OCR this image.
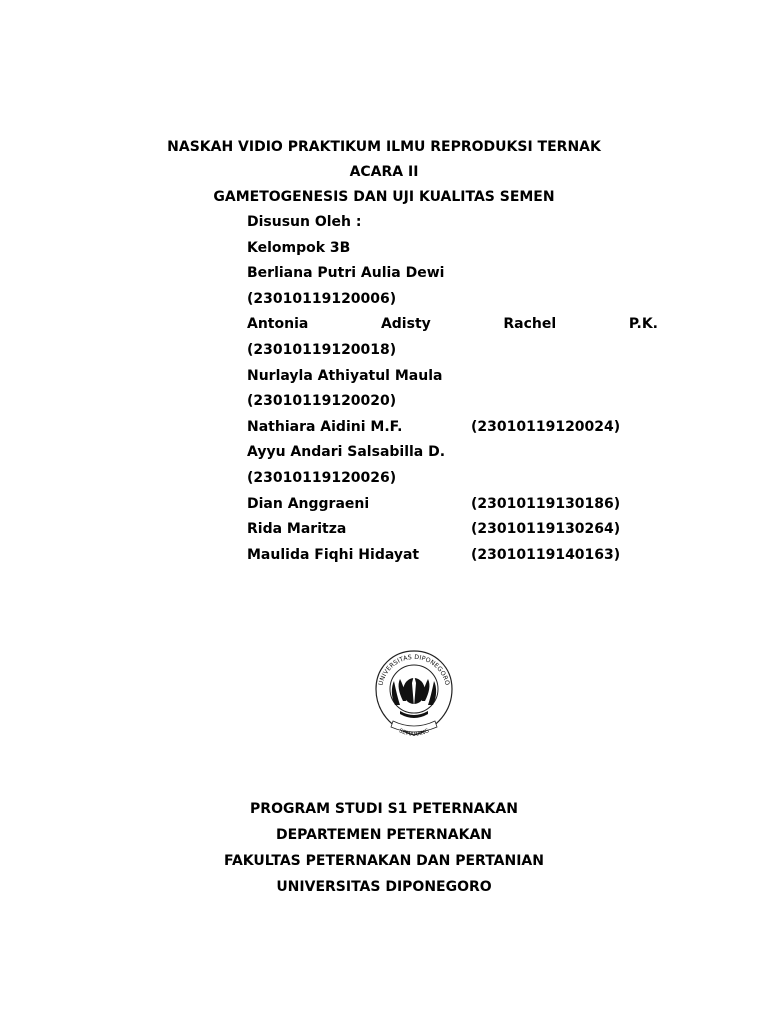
NASKAH VIDIO PRAKTIKUM ILMU REPRODUKSI TERNAK
ACARA II
GAMETOGENESIS DAN UJI KUALITAS SEMEN
Disusun Oleh :
Kelompok 3B
Berliana Putri Aulia Dewi
(23010119120006)
Antonia	Adisty	Rachel	P.K.
(23010119120018)
Nurlayla Athiyatul Maula
(23010119120020)
Nathiara Aidini M.F.	(23010119120024)
Ayyu Andari Salsabilla D.
(23010119120026)
Dian Anggraeni	(23010119130186)
Rida Maritza	(23010119130264)
Maulida Fiqhi Hidayat	(23010119140163)
UNIVERSITAS DIPONEGORO
SEMARANG
PROGRAM STUDI S1 PETERNAKAN
DEPARTEMEN PETERNAKAN
FAKULTAS PETERNAKAN DAN PERTANIAN
UNIVERSITAS DIPONEGORO
